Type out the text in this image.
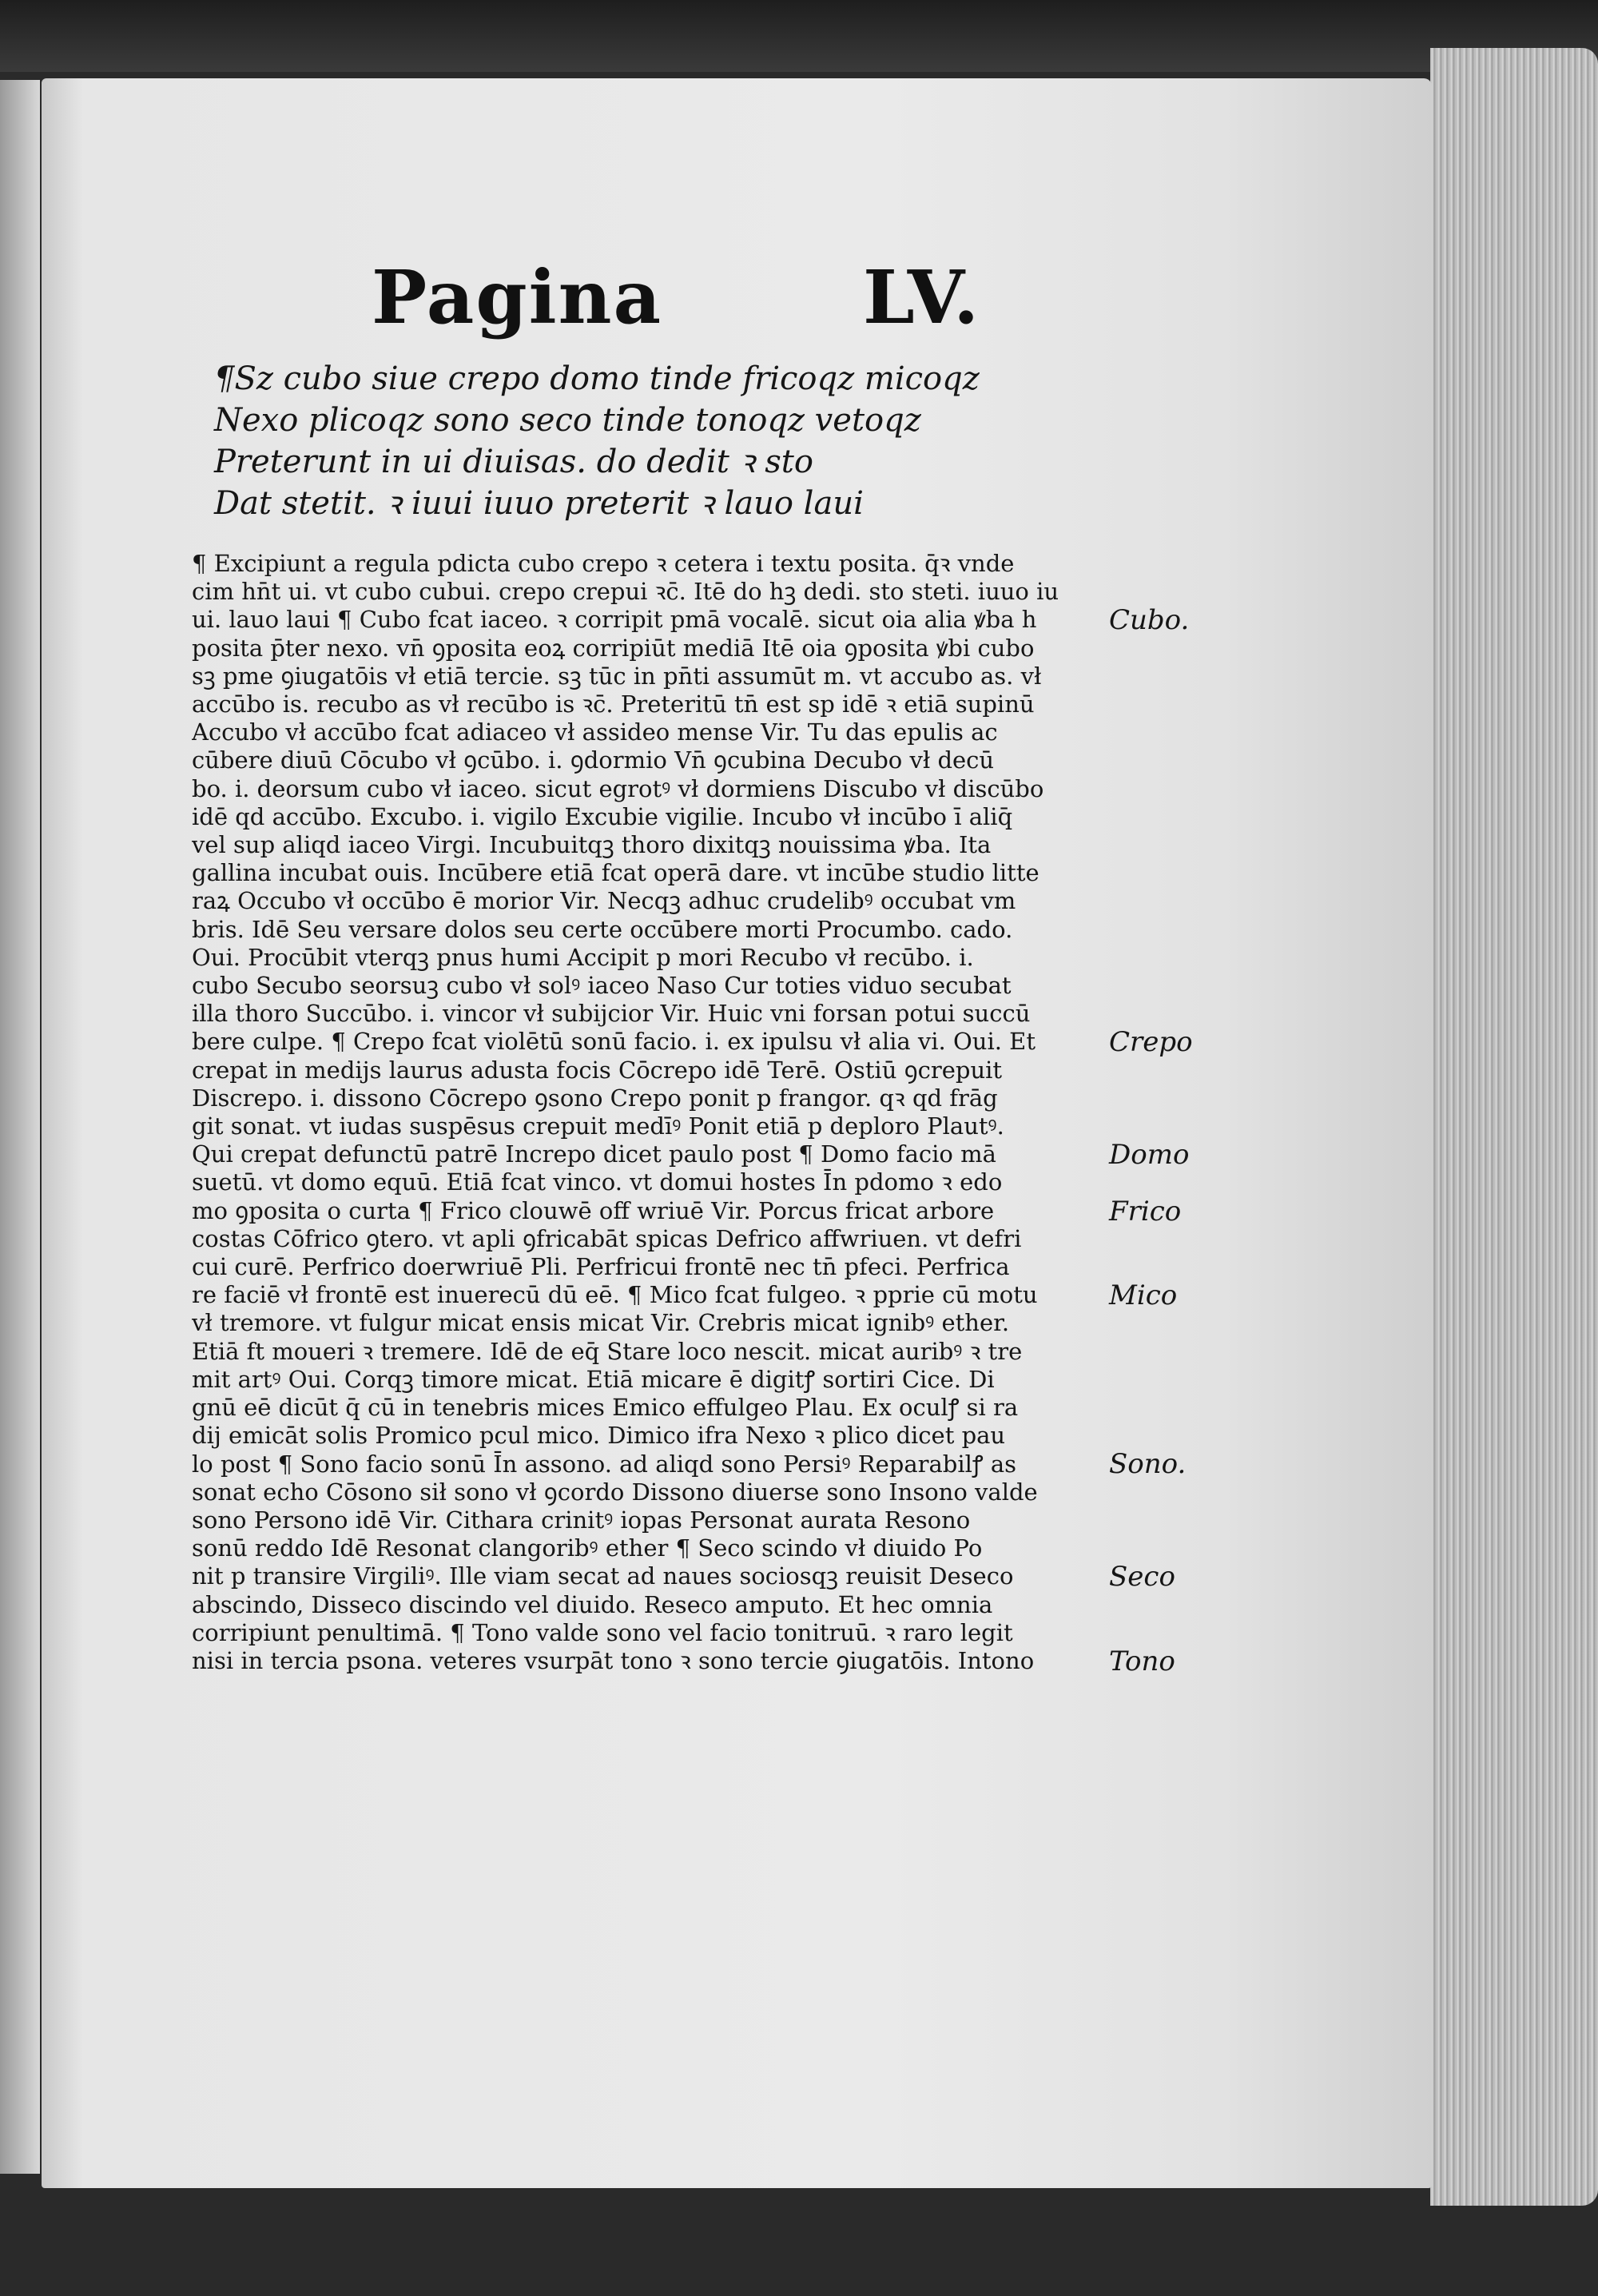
Pagina	LV.
¶Sz cubo siue crepo domo tinde fricoqz micoqz
Nexo plicoqz sono seco tinde tonoqz vetoqz
Preterunt in ui diuisas. do dedit ꝛ sto
Dat stetit. ꝛ iuui iuuo preterit ꝛ lauo laui
¶ Excipiunt a regula pdicta cubo crepo ꝛ cetera i textu posita. q̄ꝛ vnde
cim hn̄t ui. vt cubo cubui. crepo crepui ꝛc̄. Itē do hꝫ dedi. sto steti. iuuo iu
ui. lauo laui ¶ Cubo fcat iaceo. ꝛ corripit pmā vocalē. sicut oia alia ꝟba h
posita p̄ter nexo. vn̄ ꝯposita eoꝝ corripiūt mediā Itē oia ꝯposita ꝟbi cubo
sꝫ pme ꝯiugatōis vł etiā tercie. sꝫ tūc in pn̄ti assumūt m. vt accubo as. vł
accūbo is. recubo as vł recūbo is ꝛc̄. Preteritū tn̄ est sp idē ꝛ etiā supinū
Accubo vł accūbo fcat adiaceo vł assideo mense Vir. Tu das epulis ac
cūbere diuū Cōcubo vł ꝯcūbo. i. ꝯdormio Vn̄ ꝯcubina Decubo vł decū
bo. i. deorsum cubo vł iaceo. sicut egrotꝰ vł dormiens Discubo vł discūbo
idē qd accūbo. Excubo. i. vigilo Excubie vigilie. Incubo vł incūbo ī aliq̄
vel sup aliqd iaceo Virgi. Incubuitqꝫ thoro dixitqꝫ nouissima ꝟba. Ita
gallina incubat ouis. Incūbere etiā fcat operā dare. vt incūbe studio litte
raꝝ Occubo vł occūbo ē morior Vir. Necqꝫ adhuc crudelibꝰ occubat vm
bris. Idē Seu versare dolos seu certe occūbere morti Procumbo. cado.
Oui. Procūbit vterqꝫ pnus humi Accipit p mori Recubo vł recūbo. i.
cubo Secubo seorsuꝫ cubo vł solꝰ iaceo Naso Cur toties viduo secubat
illa thoro Succūbo. i. vincor vł subijcior Vir. Huic vni forsan potui succū
bere culpe. ¶ Crepo fcat violētū sonū facio. i. ex ipulsu vł alia vi. Oui. Et
crepat in medijs laurus adusta focis Cōcrepo idē Terē. Ostiū ꝯcrepuit
Discrepo. i. dissono Cōcrepo ꝯsono Crepo ponit p frangor. qꝛ qd frāg
git sonat. vt iudas suspēsus crepuit medīꝰ Ponit etiā p deploro Plautꝰ.
Qui crepat defunctū patrē Increpo dicet paulo post ¶ Domo facio mā
suetū. vt domo equū. Etiā fcat vinco. vt domui hostes Īn pdomo ꝛ edo
mo ꝯposita o curta ¶ Frico clouwē off wriuē Vir. Porcus fricat arbore
costas Cōfrico ꝯtero. vt apli ꝯfricabāt spicas Defrico affwriuen. vt defri
cui curē. Perfrico doerwriuē Pli. Perfricui frontē nec tn̄ pfeci. Perfrica
re faciē vł frontē est inuerecū dū eē. ¶ Mico fcat fulgeo. ꝛ pprie cū motu
vł tremore. vt fulgur micat ensis micat Vir. Crebris micat ignibꝰ ether.
Etiā ft moueri ꝛ tremere. Idē de eq̄ Stare loco nescit. micat auribꝰ ꝛ tre
mit artꝰ Oui. Corqꝫ timore micat. Etiā micare ē digitꝭ sortiri Cice. Di
gnū eē dicūt q̄ cū in tenebris mices Emico effulgeo Plau. Ex oculꝭ si ra
dij emicāt solis Promico pcul mico. Dimico ifra Nexo ꝛ plico dicet pau
lo post ¶ Sono facio sonū Īn assono. ad aliqd sono Persiꝰ Reparabilꝭ as
sonat echo Cōsono sił sono vł ꝯcordo Dissono diuerse sono Insono valde
sono Persono idē Vir. Cithara crinitꝰ iopas Personat aurata Resono
sonū reddo Idē Resonat clangoribꝰ ether ¶ Seco scindo vł diuido Po
nit p transire Virgiliꝰ. Ille viam secat ad naues sociosqꝫ reuisit Deseco
abscindo, Disseco discindo vel diuido. Reseco amputo. Et hec omnia
corripiunt penultimā. ¶ Tono valde sono vel facio tonitruū. ꝛ raro legit
nisi in tercia psona. veteres vsurpāt tono ꝛ sono tercie ꝯiugatōis. Intono
Cubo.
Crepo
Domo
Frico
Mico
Sono.
Seco
Tono
